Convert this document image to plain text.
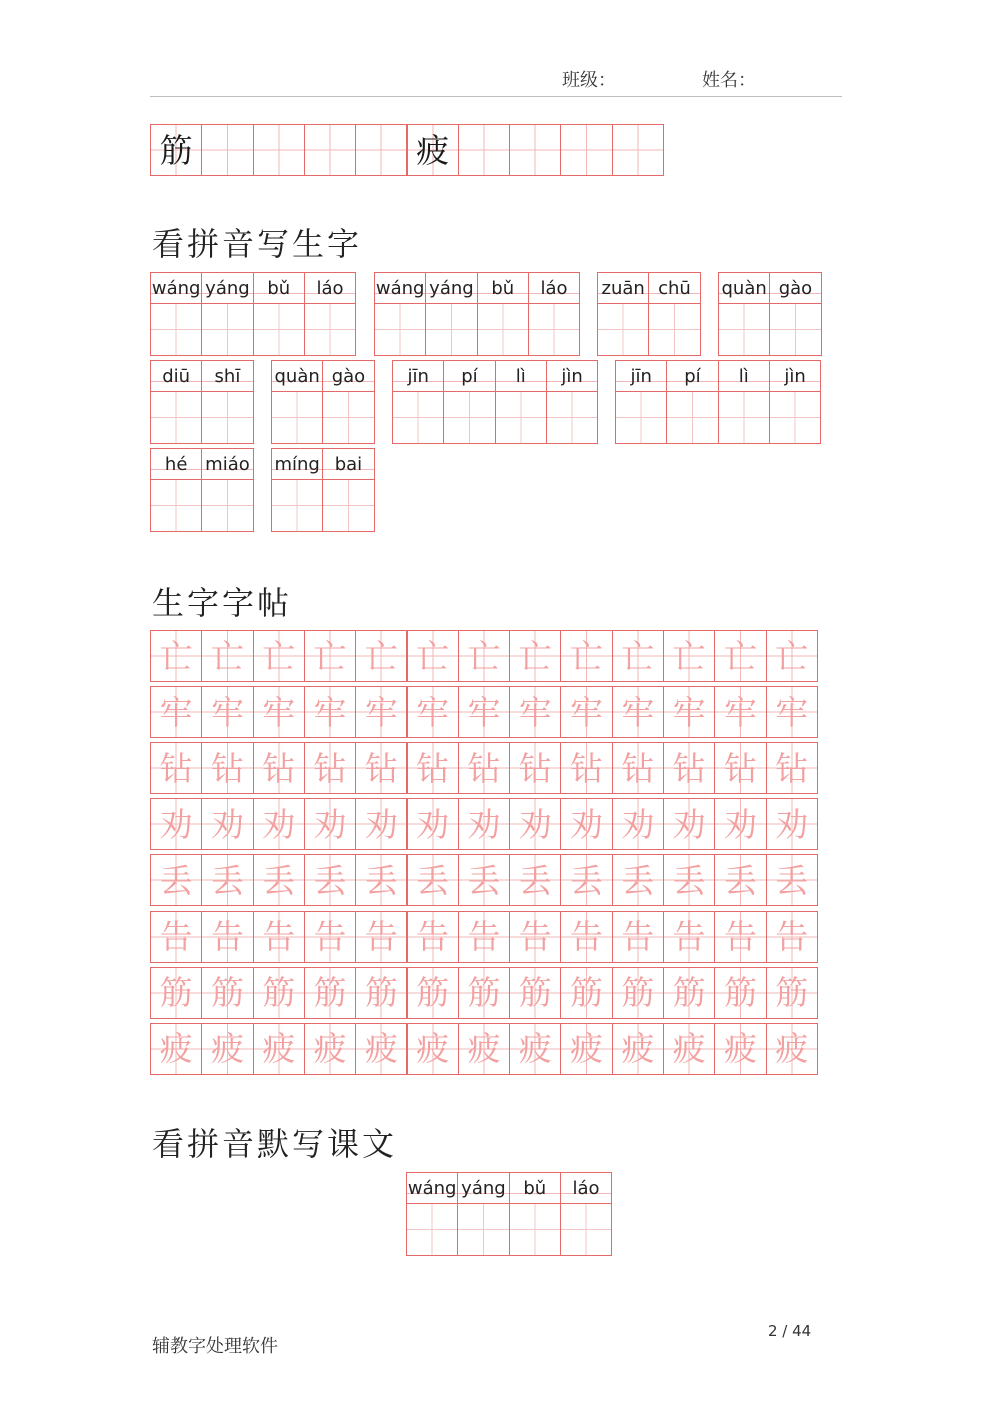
班级：	姓名：
筋	疲
看拼音写生字
wáng yáng bǔ	láo	wáng yáng bǔ	láo	zuān chū	quàn gào
diū	shī	quàn gào	jīn	pí	lì	jìn	jīn	pí	lì	jìn
hé miáo míng bai
生字字帖
亡 亡 亡 亡 亡 亡 亡 亡 亡 亡 亡 亡 亡
牢 牢 牢 牢 牢 牢 牢 牢 牢 牢 牢 牢 牢
钻 钻 钻 钻 钻 钻 钻 钻 钻 钻 钻 钻 钻
劝 劝 劝 劝 劝 劝 劝 劝 劝 劝 劝 劝 劝
丢 丢 丢 丢 丢 丢 丢 丢 丢 丢 丢 丢 丢
告 告 告 告 告 告 告 告 告 告 告 告 告
筋 筋 筋 筋 筋 筋 筋 筋 筋 筋 筋 筋 筋
疲 疲 疲 疲 疲 疲 疲 疲 疲 疲 疲 疲 疲
看拼音默写课文
wáng yáng bǔ	láo
辅教字处理软件
2 / 44
